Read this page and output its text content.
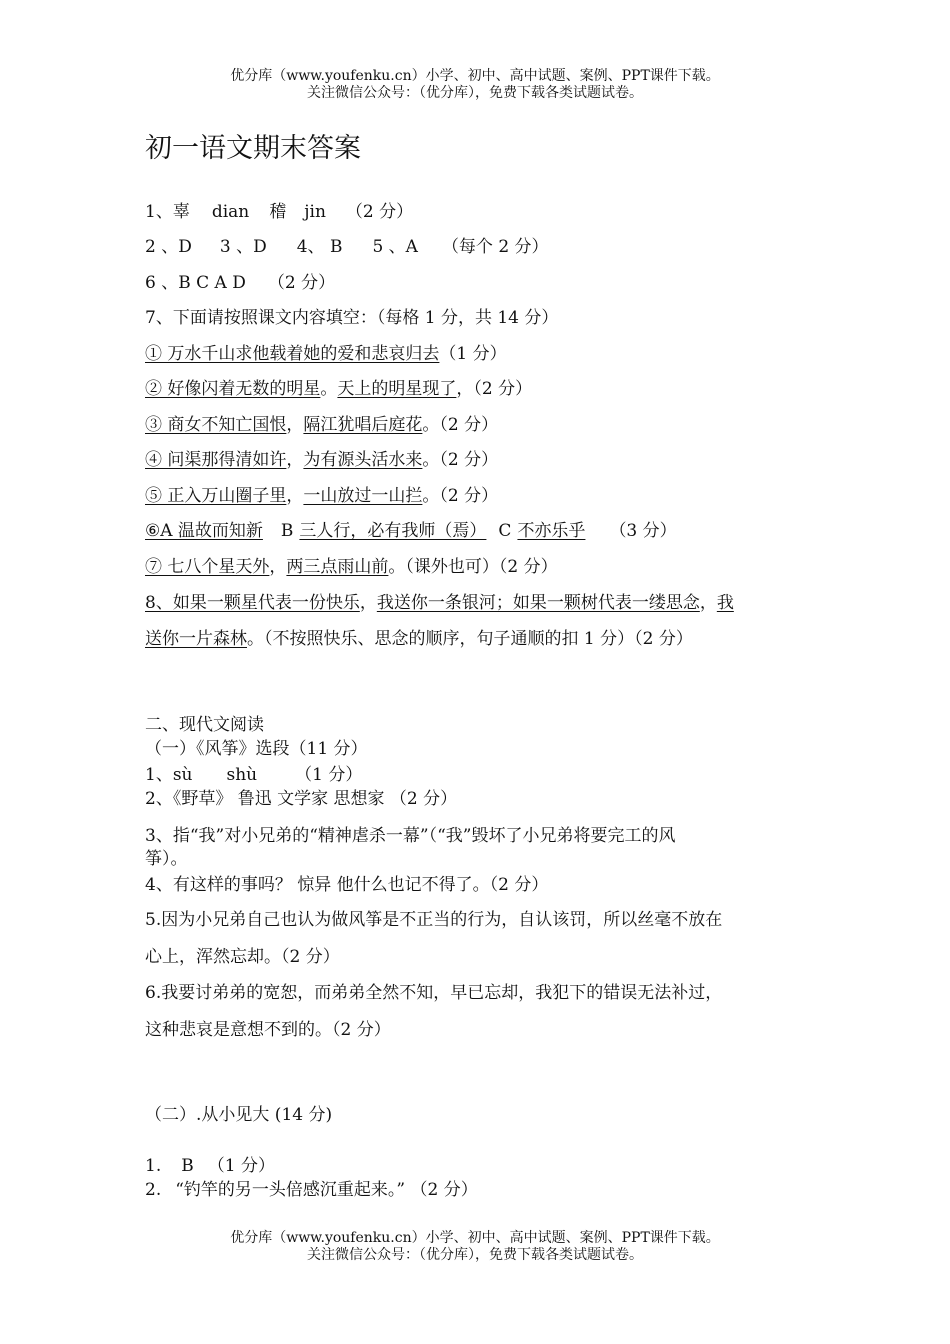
优分库（www.youfenku.cn）小学、初中、高中试题、案例、PPT课件下载。
关注微信公众号：（优分库），免费下载各类试题试卷。
初一语文期末答案
1、辜 dian 稽 jin （2 分）
2 、D 3 、D 4、 B 5 、A （每个 2 分）
6 、B C A D （2 分）
7、下面请按照课文内容填空：（每格 1 分，共 14 分）
① 万水千山求他载着她的爱和悲哀归去（1 分）
② 好像闪着无数的明星。天上的明星现了，（2 分）
③ 商女不知亡国恨，隔江犹唱后庭花。（2 分）
④ 问渠那得清如许，为有源头活水来。（2 分）
⑤ 正入万山圈子里，一山放过一山拦。（2 分）
⑥A 温故而知新 B 三人行，必有我师（焉） C 不亦乐乎 （3 分）
⑦ 七八个星天外，两三点雨山前。（课外也可）（2 分）
8、如果一颗星代表一份快乐，我送你一条银河；如果一颗树代表一缕思念，我
送你一片森林。（不按照快乐、思念的顺序，句子通顺的扣 1 分）（2 分）
二、现代文阅读
（一）《风筝》选段（11 分）
1、sù shù （1 分）
2、《野草》 鲁迅 文学家 思想家 （2 分）
3、指“我”对小兄弟的“精神虐杀一幕”（“我”毁坏了小兄弟将要完工的风
筝）。
4、有这样的事吗？ 惊异 他什么也记不得了。（2 分）
5.因为小兄弟自己也认为做风筝是不正当的行为，自认该罚，所以丝毫不放在
心上，浑然忘却。（2 分）
6.我要讨弟弟的宽恕，而弟弟全然不知，早已忘却，我犯下的错误无法补过，
这种悲哀是意想不到的。（2 分）
（二）.从小见大 (14 分)
1. B （1 分）
2. “钓竿的另一头倍感沉重起来。” （2 分）
优分库（www.youfenku.cn）小学、初中、高中试题、案例、PPT课件下载。
关注微信公众号：（优分库），免费下载各类试题试卷。
